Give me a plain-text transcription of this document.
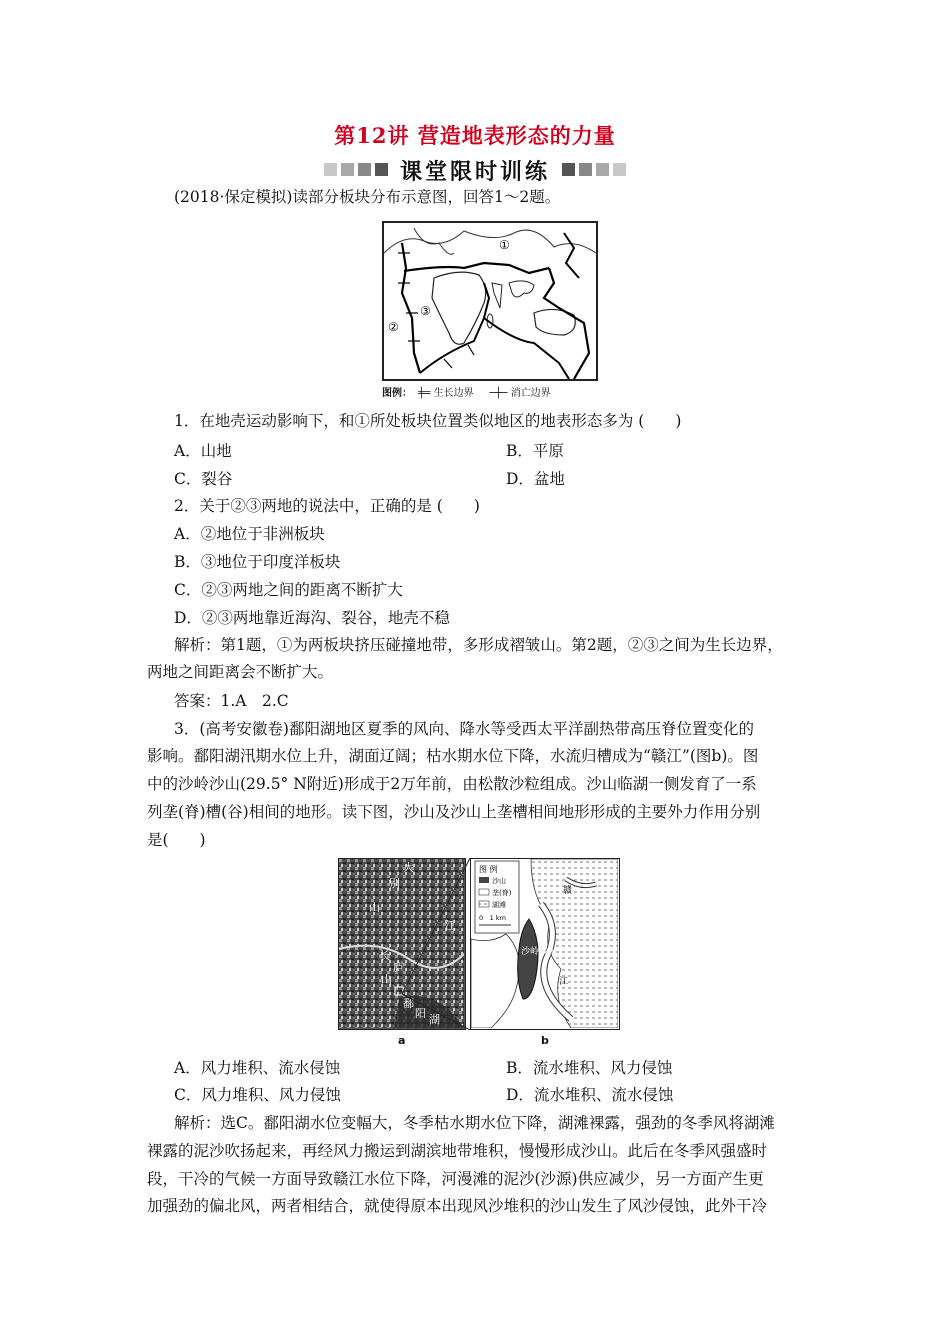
第12讲 营造地表形态的力量
课堂限时训练
(2018·保定模拟)读部分板块分布示意图，回答1～2题。
①
②
③
图例：  ╪═ 生长边界     ─┼─ 消亡边界
1．在地壳运动影响下，和①所处板块位置类似地区的地表形态多为 (　　)
A．山地	B．平原
C．裂谷	D．盆地
2．关于②③两地的说法中，正确的是 (　　)
A．②地位于非洲板块
B．③地位于印度洋板块
C．②③两地之间的距离不断扩大
D．②③两地靠近海沟、裂谷，地壳不稳
解析：第1题，①为两板块挤压碰撞地带，多形成褶皱山。第2题，②③之间为生长边界，
两地之间距离会不断扩大。
答案：1.A　2.C
3．(高考安徽卷)鄱阳湖地区夏季的风向、降水等受西太平洋副热带高压脊位置变化的
影响。鄱阳湖汛期水位上升，湖面辽阔；枯水期水位下降，水流归槽成为“赣江”(图b)。图
中的沙岭沙山(29.5° N附近)形成于2万年前，由松散沙粒组成。沙山临湖一侧发育了一系
列垄(脊)槽(谷)相间的地形。读下图，沙山及沙山上垄槽相间地形形成的主要外力作用分别
是(　　)
大
别
山
江
长
庐
山
鄱
阳 湖
沙岭沙山
图 例
沙山
垄(脊)
湖滩
0　1 km
赣
江
a	b
A．风力堆积、流水侵蚀	B．流水堆积、风力侵蚀
C．风力堆积、风力侵蚀	D．流水堆积、流水侵蚀
解析：选C。鄱阳湖水位变幅大，冬季枯水期水位下降，湖滩裸露，强劲的冬季风将湖滩
裸露的泥沙吹扬起来，再经风力搬运到湖滨地带堆积，慢慢形成沙山。此后在冬季风强盛时
段，干冷的气候一方面导致赣江水位下降，河漫滩的泥沙(沙源)供应减少，另一方面产生更
加强劲的偏北风，两者相结合，就使得原本出现风沙堆积的沙山发生了风沙侵蚀，此外干冷
